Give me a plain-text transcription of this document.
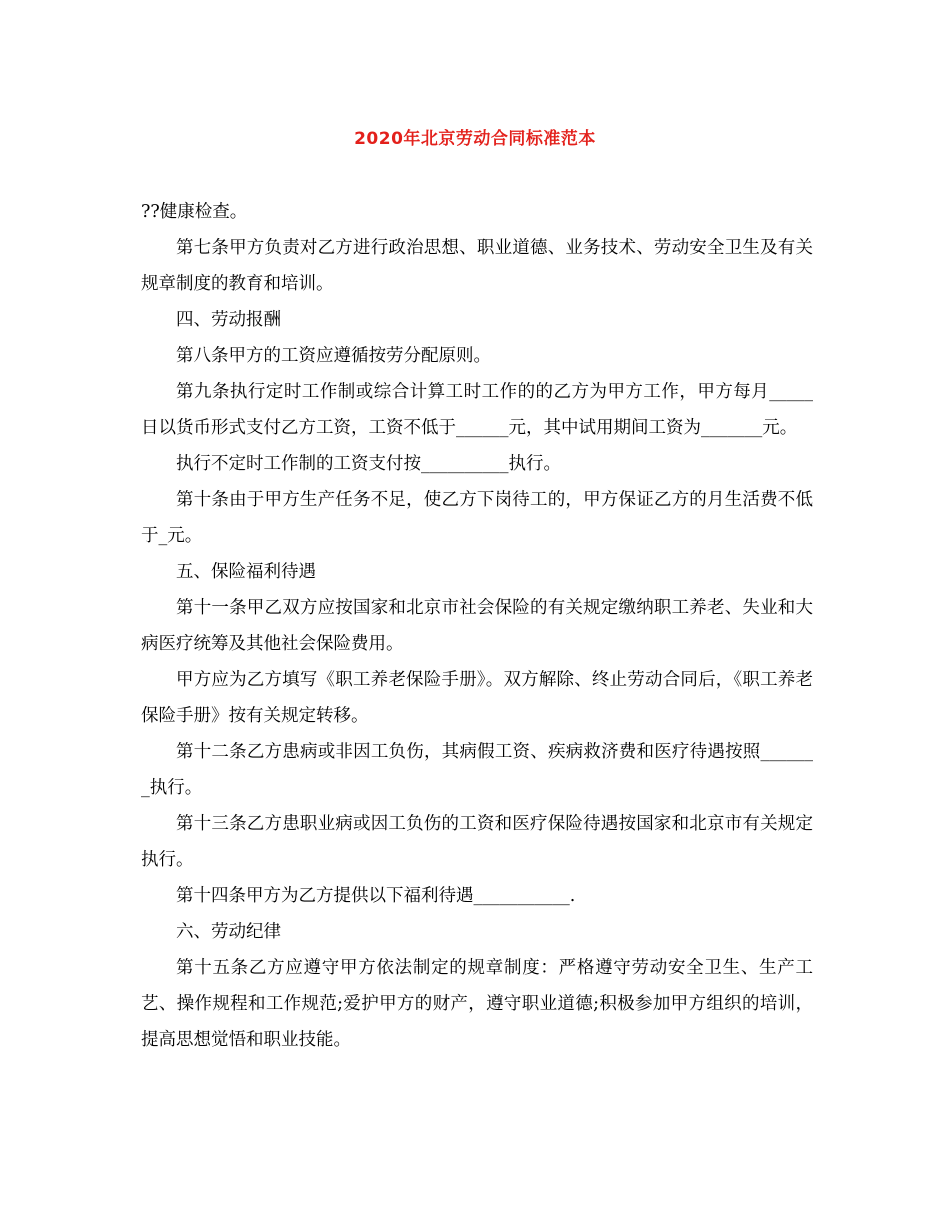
2020年北京劳动合同标准范本

??健康检查。

第七条甲方负责对乙方进行政治思想、职业道德、业务技术、劳动安全卫生及有关规章制度的教育和培训。

四、劳动报酬

第八条甲方的工资应遵循按劳分配原则。

第九条执行定时工作制或综合计算工时工作的的乙方为甲方工作，甲方每月_____日以货币形式支付乙方工资，工资不低于______元，其中试用期间工资为_______元。

执行不定时工作制的工资支付按__________执行。

第十条由于甲方生产任务不足，使乙方下岗待工的，甲方保证乙方的月生活费不低于_元。

五、保险福利待遇

第十一条甲乙双方应按国家和北京市社会保险的有关规定缴纳职工养老、失业和大病医疗统筹及其他社会保险费用。

甲方应为乙方填写《职工养老保险手册》。双方解除、终止劳动合同后，《职工养老保险手册》按有关规定转移。

第十二条乙方患病或非因工负伤，其病假工资、疾病救济费和医疗待遇按照_______执行。

第十三条乙方患职业病或因工负伤的工资和医疗保险待遇按国家和北京市有关规定执行。

第十四条甲方为乙方提供以下福利待遇___________.

六、劳动纪律

第十五条乙方应遵守甲方依法制定的规章制度：严格遵守劳动安全卫生、生产工艺、操作规程和工作规范;爱护甲方的财产，遵守职业道德;积极参加甲方组织的培训，提高思想觉悟和职业技能。
